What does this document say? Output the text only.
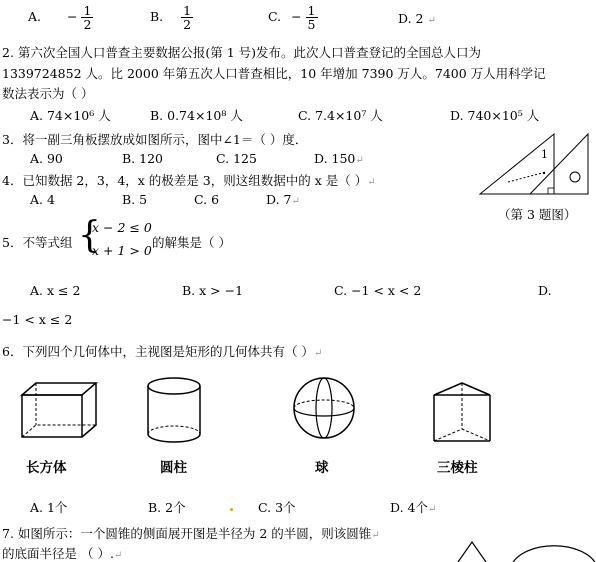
A. − $\frac{1}{2}$	B. $\frac{1}{2}$	C. − $\frac{1}{5}$	D. 2 ↵
2. 第六次全国人口普查主要数据公报(第 1 号)发布。此次人口普查登记的全国总人口为
1339724852 人。比 2000 年第五次人口普查相比，10 年增加 7390 万人。7400 万人用科学记
数法表示为（ ）
A. 74×10⁶ 人	B. 0.74×10⁸ 人	C. 7.4×10⁷ 人	D. 740×10⁵ 人
3．将一副三角板摆放成如图所示，图中∠1＝（ ）度．
A. 90	B. 120	C. 125	D. 150↵	1
（第 3 题图）
4．已知数据 2，3，4，x 的极差是 3，则这组数据中的 x 是（ ）↵
A. 4	B. 5	C. 6	D. 7↵
5．不等式组 {
x − 2 ≤ 0
x + 1 > 0
的解集是（ ）
A. x ≤ 2	B. x > −1	C. −1 < x < 2	D.
−1 < x ≤ 2
6．下列四个几何体中，主视图是矩形的几何体共有（ ）↵
长方体	圆柱	球	三棱柱
A. 1个	B. 2个	C. 3个	D. 4个↵
7. 如图所示：一个圆锥的侧面展开图是半径为 2 的半圆，则该圆锥↵
的底面半径是 （ ）.↵
